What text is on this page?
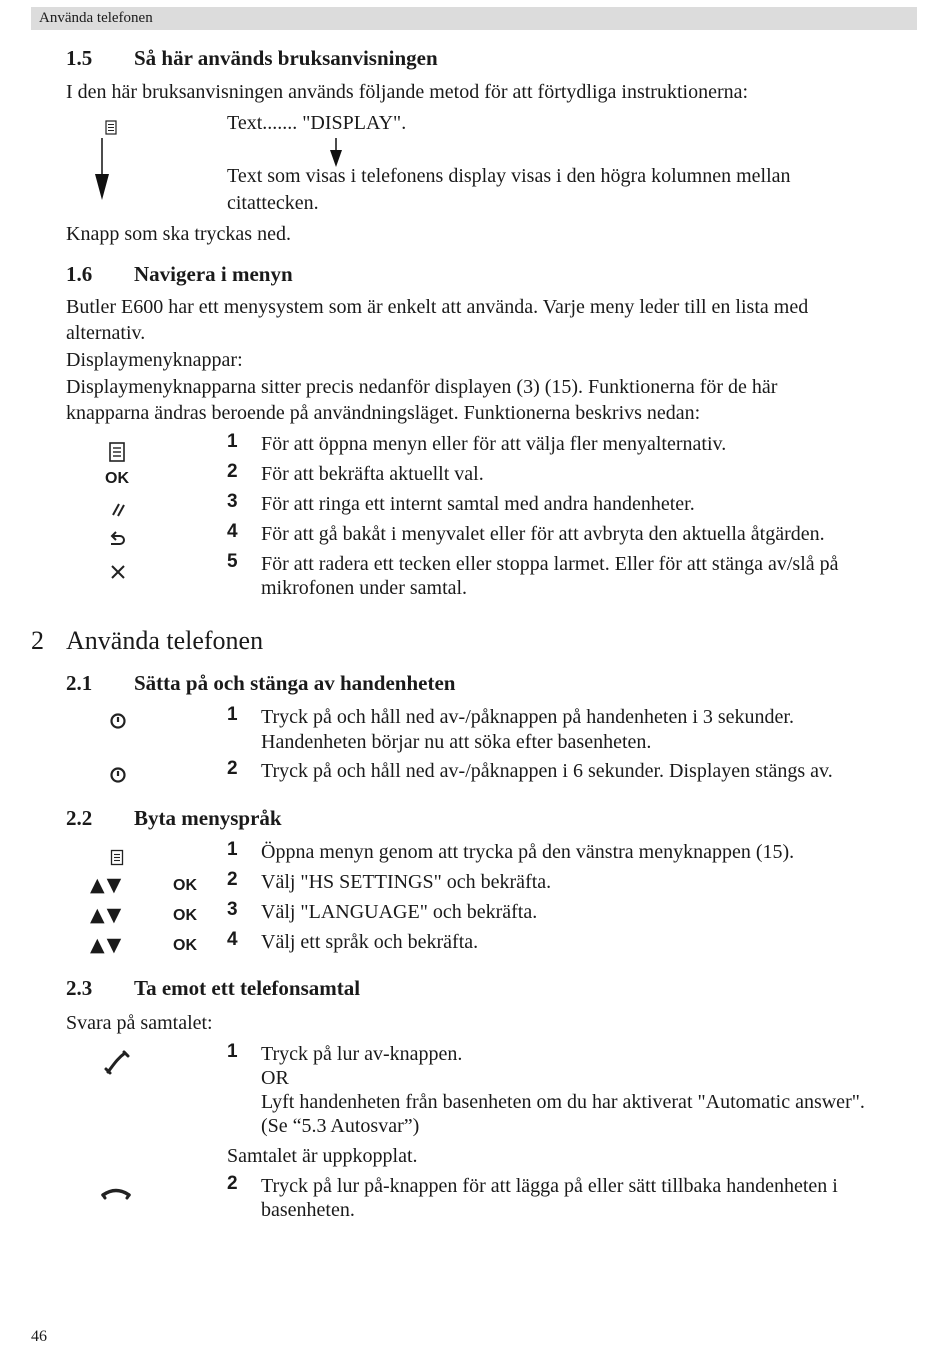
Använda telefonen
1.5 Så här används bruksanvisningen
I den här bruksanvisningen används följande metod för att förtydliga instruktionerna:
Text....... "DISPLAY".
Text som visas i telefonens display visas i den högra kolumnen mellan
citattecken.
Knapp som ska tryckas ned.
1.6 Navigera i menyn
Butler E600 har ett menysystem som är enkelt att använda. Varje meny leder till en lista med
alternativ.
Displaymenyknappar:
Displaymenyknapparna sitter precis nedanför displayen (3) (15). Funktionerna för de här
knapparna ändras beroende på användningsläget. Funktionerna beskrivs nedan:
1 För att öppna menyn eller för att välja fler menyalternativ.
OK	2 För att bekräfta aktuellt val.
3 För att ringa ett internt samtal med andra handenheter.
4 För att gå bakåt i menyvalet eller för att avbryta den aktuella åtgärden.
5 För att radera ett tecken eller stoppa larmet. Eller för att stänga av/slå på
mikrofonen under samtal.
2 Använda telefonen
2.1 Sätta på och stänga av handenheten
1 Tryck på och håll ned av-/påknappen på handenheten i 3 sekunder.
Handenheten börjar nu att söka efter basenheten.
2 Tryck på och håll ned av-/påknappen i 6 sekunder. Displayen stängs av.
2.2 Byta menyspråk
1 Öppna menyn genom att trycka på den vänstra menyknappen (15).
▲▼	OK 2 Välj "HS SETTINGS" och bekräfta.
▲▼	OK 3 Välj "LANGUAGE" och bekräfta.
▲▼	OK 4 Välj ett språk och bekräfta.
2.3 Ta emot ett telefonsamtal
Svara på samtalet:
1 Tryck på lur av-knappen.
OR
Lyft handenheten från basenheten om du har aktiverat "Automatic answer".
(Se “5.3 Autosvar”)
Samtalet är uppkopplat.
2 Tryck på lur på-knappen för att lägga på eller sätt tillbaka handenheten i
basenheten.
46
